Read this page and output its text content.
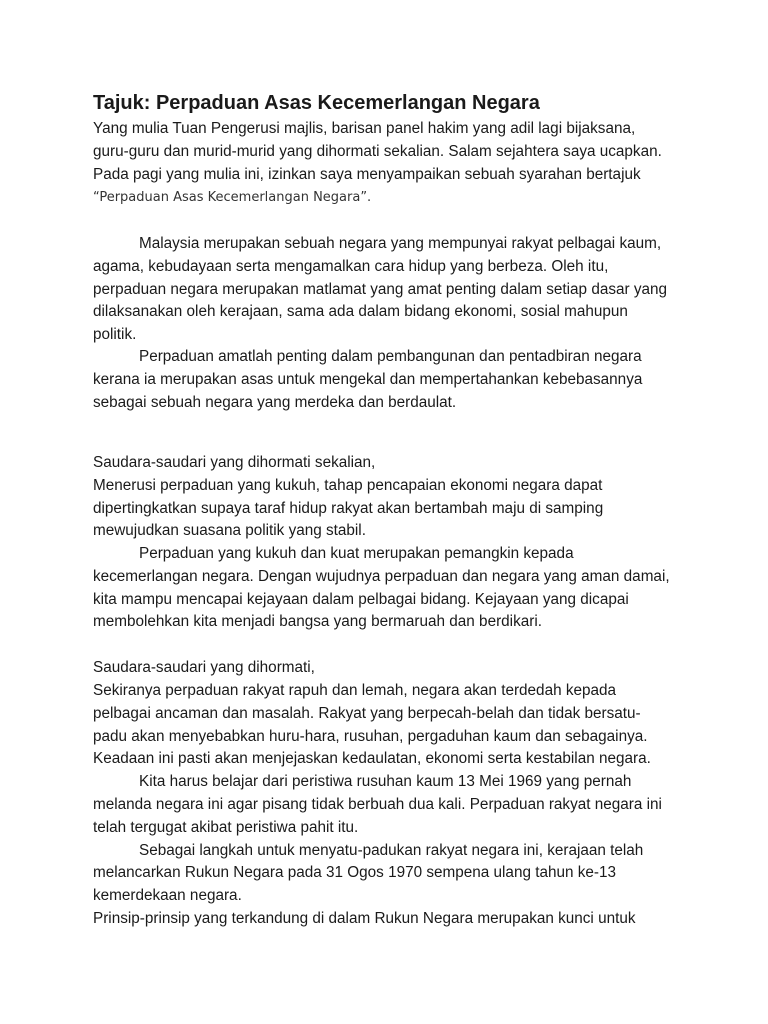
Tajuk: Perpaduan Asas Kecemerlangan Negara

Yang mulia Tuan Pengerusi majlis, barisan panel hakim yang adil lagi bijaksana,

guru-guru dan murid-murid yang dihormati sekalian. Salam sejahtera saya ucapkan.

Pada pagi yang mulia ini, izinkan saya menyampaikan sebuah syarahan bertajuk

“Perpaduan Asas Kecemerlangan Negara”.

Malaysia merupakan sebuah negara yang mempunyai rakyat pelbagai kaum,

agama, kebudayaan serta mengamalkan cara hidup yang berbeza. Oleh itu,

perpaduan negara merupakan matlamat yang amat penting dalam setiap dasar yang

dilaksanakan oleh kerajaan, sama ada dalam bidang ekonomi, sosial mahupun

politik.

Perpaduan amatlah penting dalam pembangunan dan pentadbiran negara

kerana ia merupakan asas untuk mengekal dan mempertahankan kebebasannya

sebagai sebuah negara yang merdeka dan berdaulat.

Saudara-saudari yang dihormati sekalian,

Menerusi perpaduan yang kukuh, tahap pencapaian ekonomi negara dapat

dipertingkatkan supaya taraf hidup rakyat akan bertambah maju di samping

mewujudkan suasana politik yang stabil.

Perpaduan yang kukuh dan kuat merupakan pemangkin kepada

kecemerlangan negara. Dengan wujudnya perpaduan dan negara yang aman damai,

kita mampu mencapai kejayaan dalam pelbagai bidang. Kejayaan yang dicapai

membolehkan kita menjadi bangsa yang bermaruah dan berdikari.

Saudara-saudari yang dihormati,

Sekiranya perpaduan rakyat rapuh dan lemah, negara akan terdedah kepada

pelbagai ancaman dan masalah. Rakyat yang berpecah-belah dan tidak bersatu-

padu akan menyebabkan huru-hara, rusuhan, pergaduhan kaum dan sebagainya.

Keadaan ini pasti akan menjejaskan kedaulatan, ekonomi serta kestabilan negara.

Kita harus belajar dari peristiwa rusuhan kaum 13 Mei 1969 yang pernah

melanda negara ini agar pisang tidak berbuah dua kali. Perpaduan rakyat negara ini

telah tergugat akibat peristiwa pahit itu.

Sebagai langkah untuk menyatu-padukan rakyat negara ini, kerajaan telah

melancarkan Rukun Negara pada 31 Ogos 1970 sempena ulang tahun ke-13

kemerdekaan negara.

Prinsip-prinsip yang terkandung di dalam Rukun Negara merupakan kunci untuk
